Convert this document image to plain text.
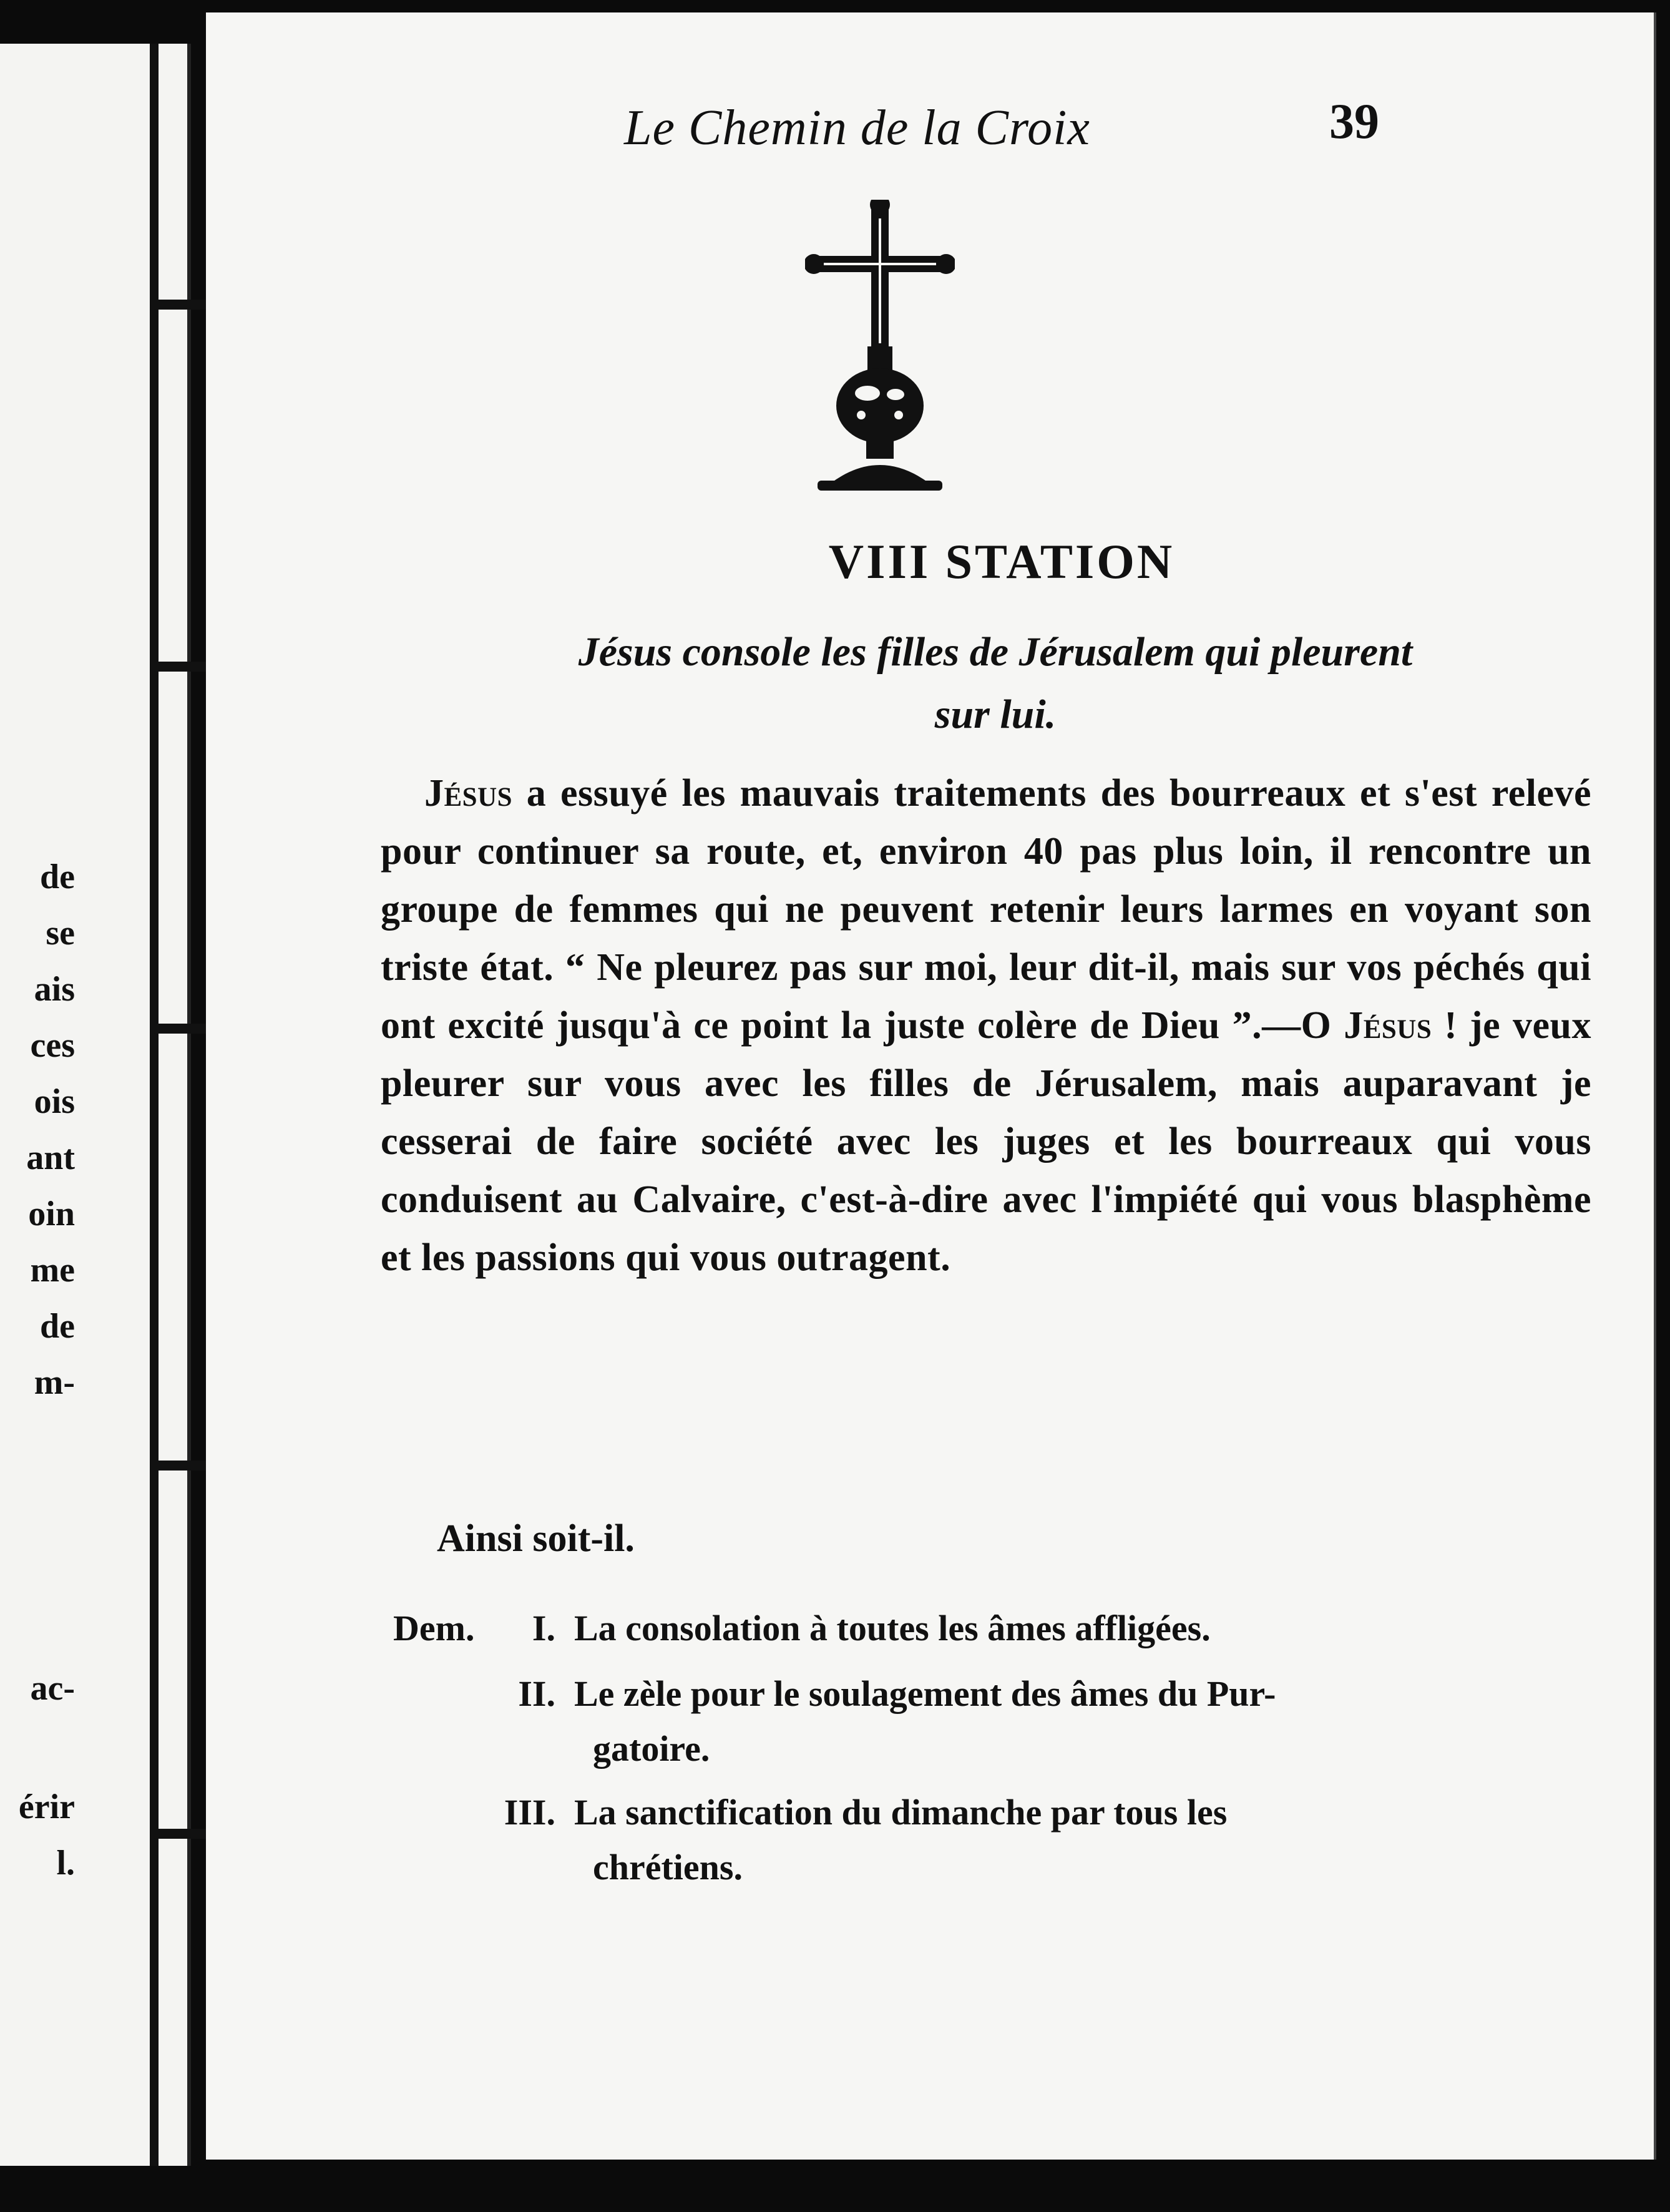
de
se
ais
ces
ois
ant
oin
me
de
m-
ac-
érir
l.
Le Chemin de la Croix	39
VIII STATION
Jésus console les filles de Jérusalem qui pleurent
sur lui.
Jésus a essuyé les mauvais traitements des bourreaux et s'est relevé pour continuer sa route, et, environ 40 pas plus loin, il rencontre un groupe de femmes qui ne peuvent retenir leurs larmes en voyant son triste état. “ Ne pleurez pas sur moi, leur dit-il, mais sur vos péchés qui ont excité jusqu'à ce point la juste colère de Dieu ”.—O Jésus ! je veux pleurer sur vous avec les filles de Jérusalem, mais auparavant je cesserai de faire société avec les juges et les bourreaux qui vous conduisent au Calvaire, c'est-à-dire avec l'impiété qui vous blasphème et les passions qui vous outragent.
Ainsi soit-il.
Dem. I. La consolation à toutes les âmes affligées.
II. Le zèle pour le soulagement des âmes du Pur-
gatoire.
III. La sanctification du dimanche par tous les
chrétiens.
